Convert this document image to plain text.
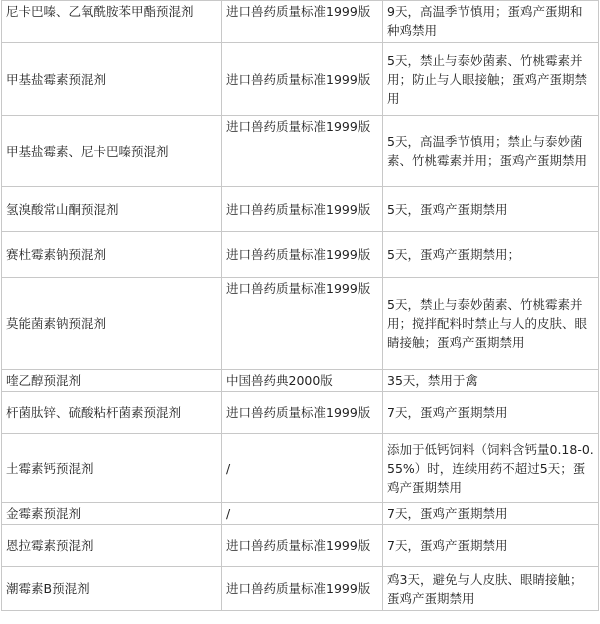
尼卡巴嗪、乙氧酰胺苯甲酯预混剂	进口兽药质量标准1999版	9天，高温季节慎用；蛋鸡产蛋期和种鸡禁用
甲基盐霉素预混剂	进口兽药质量标准1999版	5天，禁止与泰妙菌素、竹桃霉素并用；防止与人眼接触；蛋鸡产蛋期禁用
甲基盐霉素、尼卡巴嗪预混剂	进口兽药质量标准1999版	5天，高温季节慎用；禁止与泰妙菌素、竹桃霉素并用；蛋鸡产蛋期禁用
氢溴酸常山酮预混剂	进口兽药质量标准1999版	5天，蛋鸡产蛋期禁用
赛杜霉素钠预混剂	进口兽药质量标准1999版	5天，蛋鸡产蛋期禁用；
莫能菌素钠预混剂	进口兽药质量标准1999版	5天，禁止与泰妙菌素、竹桃霉素并用；搅拌配料时禁止与人的皮肤、眼睛接触；蛋鸡产蛋期禁用
喹乙醇预混剂	中国兽药典2000版	35天，禁用于禽
杆菌肽锌、硫酸粘杆菌素预混剂	进口兽药质量标准1999版	7天，蛋鸡产蛋期禁用
土霉素钙预混剂	/	添加于低钙饲料（饲料含钙量0.18-0.55%）时，连续用药不超过5天；蛋鸡产蛋期禁用
金霉素预混剂	/	7天，蛋鸡产蛋期禁用
恩拉霉素预混剂	进口兽药质量标准1999版	7天，蛋鸡产蛋期禁用
潮霉素B预混剂	进口兽药质量标准1999版	鸡3天，避免与人皮肤、眼睛接触；蛋鸡产蛋期禁用
